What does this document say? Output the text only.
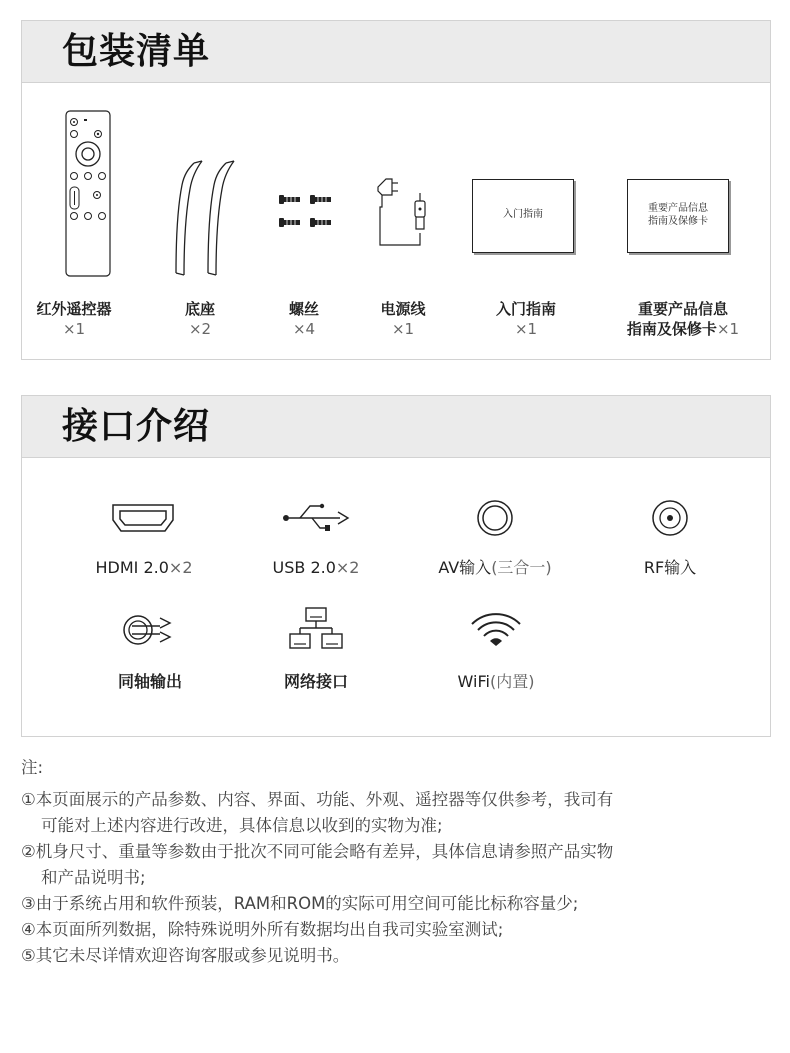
包装清单
入门指南
重要产品信息
指南及保修卡
红外遥控器
×1
底座
×2
螺丝
×4
电源线
×1
入门指南
×1
重要产品信息
指南及保修卡×1
接口介绍
HDMI 2.0×2	USB 2.0×2	AV输入(三合一)	RF输入
同轴输出	网络接口	WiFi(内置)
注:
①本页面展示的产品参数、内容、界面、功能、外观、遥控器等仅供参考，我司有
可能对上述内容进行改进，具体信息以收到的实物为准;
②机身尺寸、重量等参数由于批次不同可能会略有差异，具体信息请参照产品实物
和产品说明书;
③由于系统占用和软件预装，RAM和ROM的实际可用空间可能比标称容量少;
④本页面所列数据，除特殊说明外所有数据均出自我司实验室测试;
⑤其它未尽详情欢迎咨询客服或参见说明书。
